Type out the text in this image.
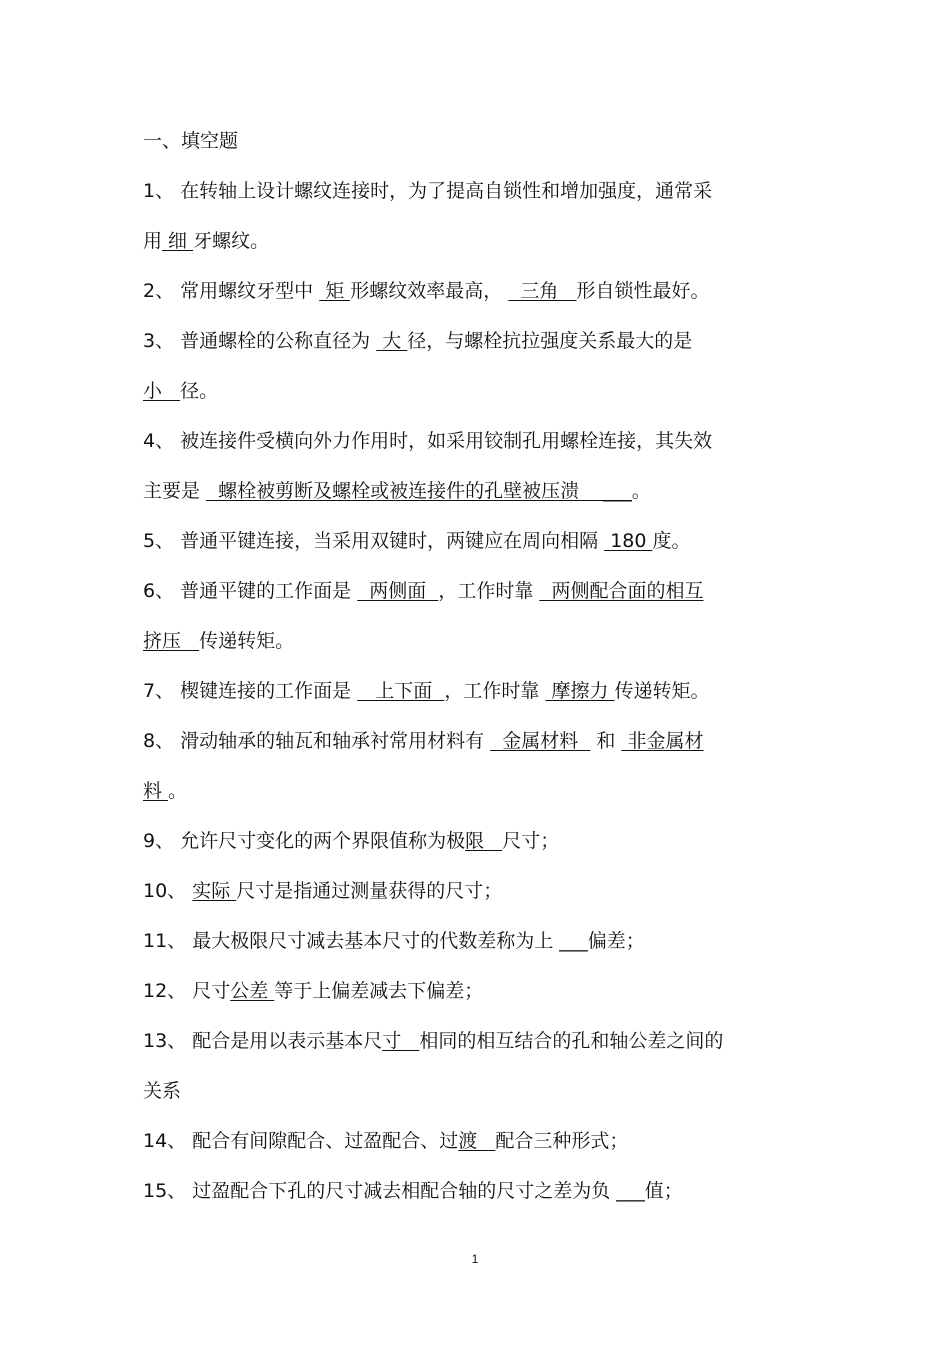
一、填空题
1、 在转轴上设计螺纹连接时，为了提高自锁性和增加强度，通常采
用 细 牙螺纹。
2、 常用螺纹牙型中  矩 形螺纹效率最高，   三角   形自锁性最好。
3、 普通螺栓的公称直径为  大 径，与螺栓抗拉强度关系最大的是
小   径。
4、 被连接件受横向外力作用时，如采用铰制孔用螺栓连接，其失效
主要是   螺栓被剪断及螺栓或被连接件的孔壁被压溃    ___。
5、 普通平键连接，当采用双键时，两键应在周向相隔  180 度。
6、 普通平键的工作面是   两侧面  ，工作时靠   两侧配合面的相互
挤压   传递转矩。
7、 楔键连接的工作面是    上下面  ，工作时靠  摩擦力 传递转矩。
8、 滑动轴承的轴瓦和轴承衬常用材料有   金属材料   和  非金属材
料 。
9、 允许尺寸变化的两个界限值称为极限   尺寸；
10、 实际 尺寸是指通过测量获得的尺寸；
11、 最大极限尺寸减去基本尺寸的代数差称为上 ___偏差；
12、 尺寸公差 等于上偏差减去下偏差；
13、 配合是用以表示基本尺寸   相同的相互结合的孔和轴公差之间的
关系
14、 配合有间隙配合、过盈配合、过渡   配合三种形式；
15、 过盈配合下孔的尺寸减去相配合轴的尺寸之差为负 ___值；
1
